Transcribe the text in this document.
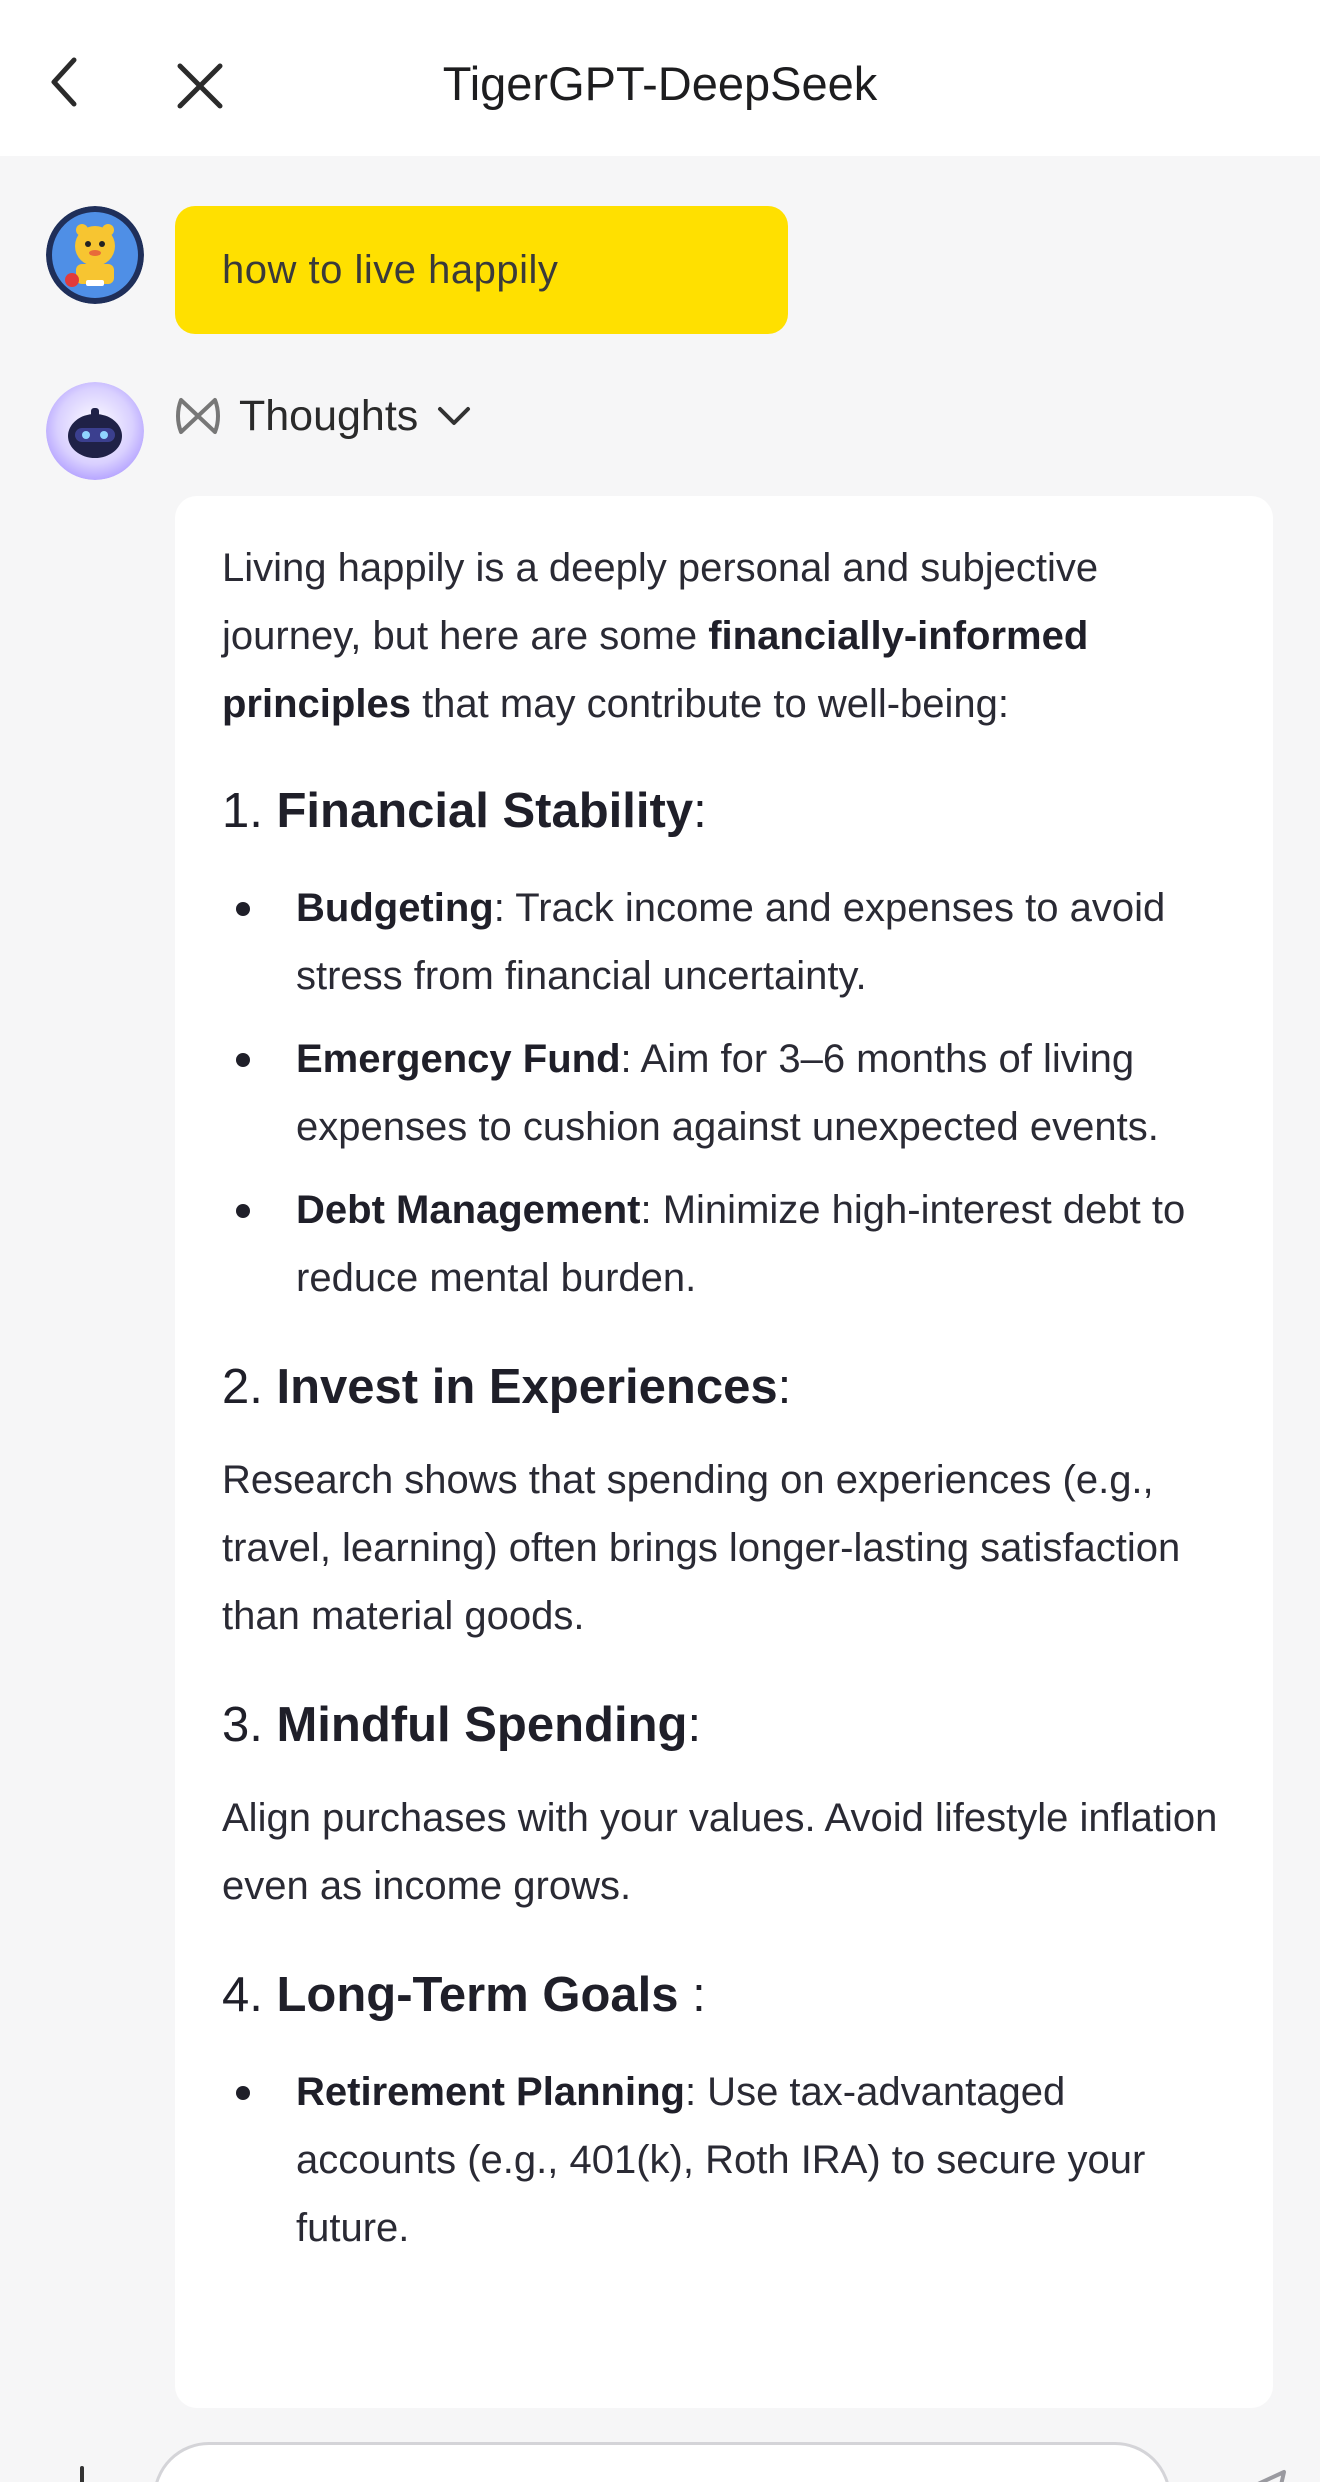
TigerGPT-DeepSeek
how to live happily
Thoughts

Living happily is a deeply personal and subjective journey, but here are some financially-informed principles that may contribute to well-being:

1. Financial Stability:

Budgeting: Track income and expenses to avoid stress from financial uncertainty.
Emergency Fund: Aim for 3–6 months of living expenses to cushion against unexpected events.
Debt Management: Minimize high-interest debt to reduce mental burden.

2. Invest in Experiences:

Research shows that spending on experiences (e.g., travel, learning) often brings longer-lasting satisfaction than material goods.

3. Mindful Spending:

Align purchases with your values. Avoid lifestyle inflation even as income grows.

4. Long-Term Goals :

Retirement Planning: Use tax-advantaged accounts (e.g., 401(k), Roth IRA) to secure your future.
